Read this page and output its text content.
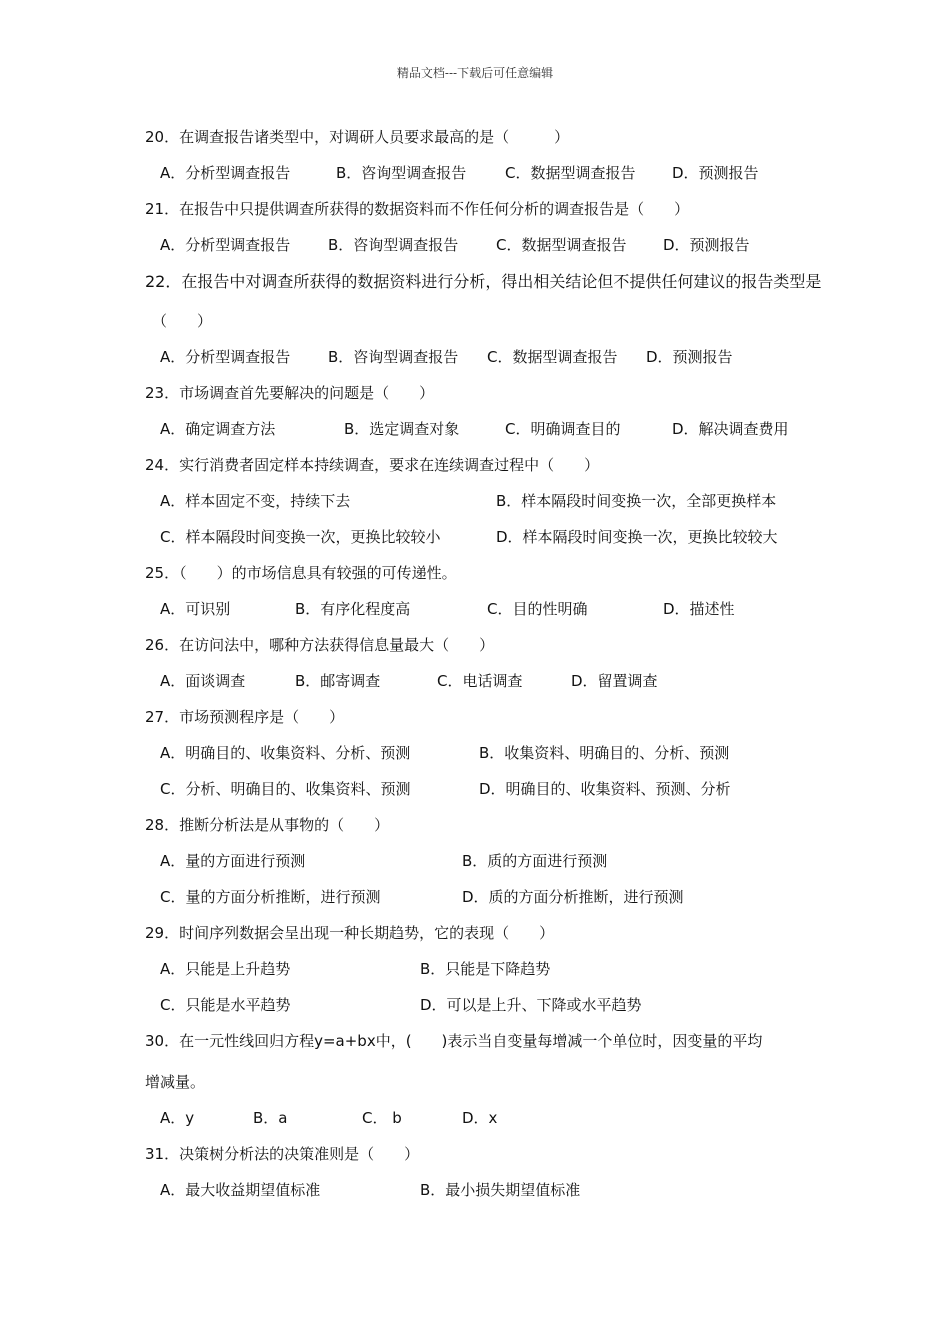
精品文档---下载后可任意编辑
20．在调查报告诸类型中，对调研人员要求最高的是（　　　）
A．分析型调查报告	B．咨询型调查报告	C．数据型调查报告 D．预测报告
21．在报告中只提供调查所获得的数据资料而不作任何分析的调查报告是（　　）
A．分析型调查报告	B．咨询型调查报告	C．数据型调查报告 D．预测报告
22．在报告中对调查所获得的数据资料进行分析，得出相关结论但不提供任何建议的报告类型是
（　　）
A．分析型调查报告	B．咨询型调查报告 C．数据型调查报告 D．预测报告
23．市场调查首先要解决的问题是（　　）
A．确定调查方法	B．选定调查对象	C．明确调查目的	D．解决调查费用
24．实行消费者固定样本持续调查，要求在连续调查过程中（　　）
A．样本固定不变，持续下去	B．样本隔段时间变换一次，全部更换样本
C．样本隔段时间变换一次，更换比较较小	D．样本隔段时间变换一次，更换比较较大
25．（　　）的市场信息具有较强的可传递性。
A．可识别	B．有序化程度高	C．目的性明确	D．描述性
26．在访问法中，哪种方法获得信息量最大（　　）
A．面谈调查	B．邮寄调查	C．电话调查	D．留置调查
27．市场预测程序是（　　）
A．明确目的、收集资料、分析、预测	B．收集资料、明确目的、分析、预测
C．分析、明确目的、收集资料、预测	D．明确目的、收集资料、预测、分析
28．推断分析法是从事物的（　　）
A．量的方面进行预测	B．质的方面进行预测
C．量的方面分析推断，进行预测	D．质的方面分析推断，进行预测
29．时间序列数据会呈出现一种长期趋势，它的表现（　　）
A．只能是上升趋势	B．只能是下降趋势
C．只能是水平趋势	D．可以是上升、下降或水平趋势
30．在一元性线回归方程y=a+bx中，(　　)表示当自变量每增减一个单位时，因变量的平均
增减量。
A．y	B．a	C． b	D．x
31．决策树分析法的决策准则是（　　）
A．最大收益期望值标准	B．最小损失期望值标准
